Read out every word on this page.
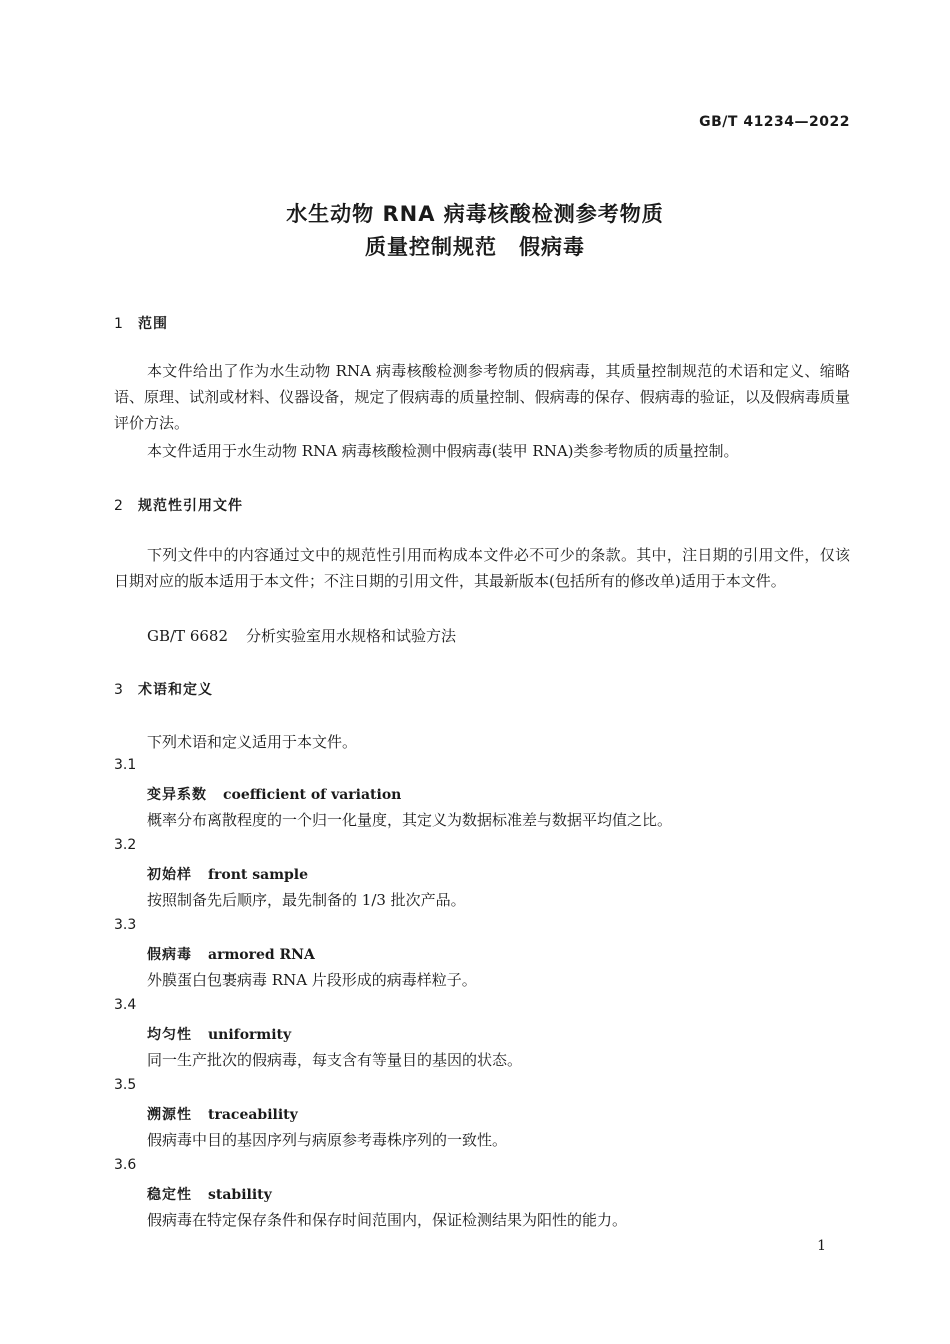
GB/T 41234—2022
水生动物 RNA 病毒核酸检测参考物质
质量控制规范　假病毒
1 范围
本文件给出了作为水生动物 RNA 病毒核酸检测参考物质的假病毒，其质量控制规范的术语和定义、缩略语、原理、试剂或材料、仪器设备，规定了假病毒的质量控制、假病毒的保存、假病毒的验证，以及假病毒质量评价方法。
本文件适用于水生动物 RNA 病毒核酸检测中假病毒(装甲 RNA)类参考物质的质量控制。
2 规范性引用文件
下列文件中的内容通过文中的规范性引用而构成本文件必不可少的条款。其中，注日期的引用文件，仅该日期对应的版本适用于本文件；不注日期的引用文件，其最新版本(包括所有的修改单)适用于本文件。
GB/T 6682 分析实验室用水规格和试验方法
3 术语和定义
下列术语和定义适用于本文件。
3.1
变异系数 coefficient of variation
概率分布离散程度的一个归一化量度，其定义为数据标准差与数据平均值之比。
3.2
初始样 front sample
按照制备先后顺序，最先制备的 1/3 批次产品。
3.3
假病毒 armored RNA
外膜蛋白包裹病毒 RNA 片段形成的病毒样粒子。
3.4
均匀性 uniformity
同一生产批次的假病毒，每支含有等量目的基因的状态。
3.5
溯源性 traceability
假病毒中目的基因序列与病原参考毒株序列的一致性。
3.6
稳定性 stability
假病毒在特定保存条件和保存时间范围内，保证检测结果为阳性的能力。
1
